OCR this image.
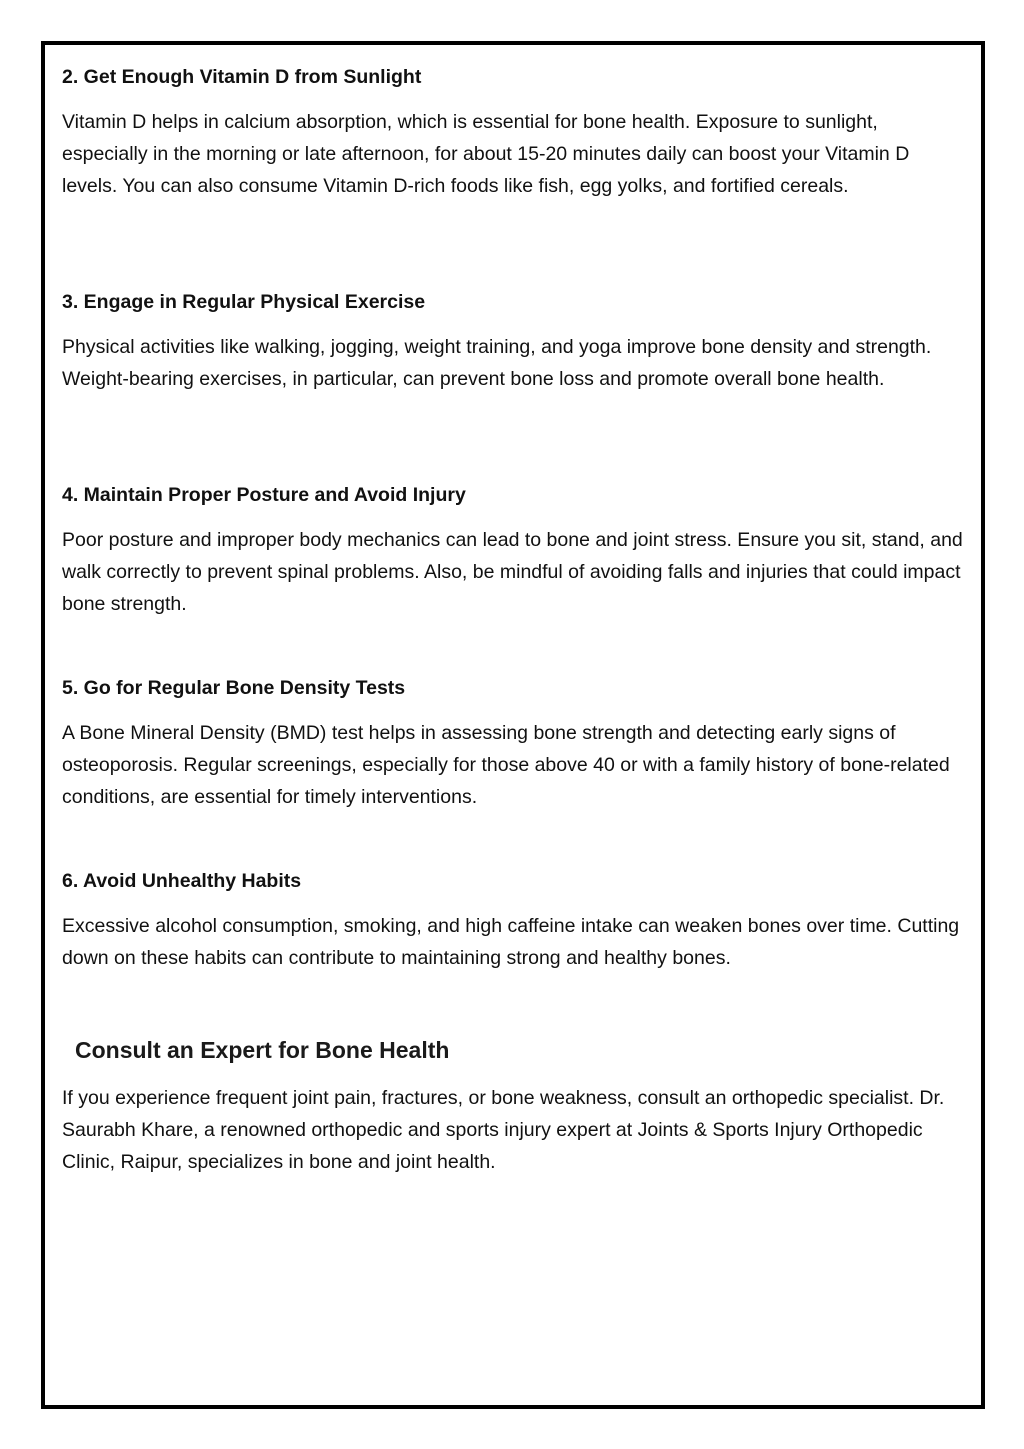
2. Get Enough Vitamin D from Sunlight

Vitamin D helps in calcium absorption, which is essential for bone health. Exposure to sunlight, especially in the morning or late afternoon, for about 15-20 minutes daily can boost your Vitamin D levels. You can also consume Vitamin D-rich foods like fish, egg yolks, and fortified cereals.

3. Engage in Regular Physical Exercise

Physical activities like walking, jogging, weight training, and yoga improve bone density and strength. Weight-bearing exercises, in particular, can prevent bone loss and promote overall bone health.

4. Maintain Proper Posture and Avoid Injury

Poor posture and improper body mechanics can lead to bone and joint stress. Ensure you sit, stand, and walk correctly to prevent spinal problems. Also, be mindful of avoiding falls and injuries that could impact bone strength.

5. Go for Regular Bone Density Tests

A Bone Mineral Density (BMD) test helps in assessing bone strength and detecting early signs of osteoporosis. Regular screenings, especially for those above 40 or with a family history of bone-related conditions, are essential for timely interventions.

6. Avoid Unhealthy Habits

Excessive alcohol consumption, smoking, and high caffeine intake can weaken bones over time. Cutting down on these habits can contribute to maintaining strong and healthy bones.

Consult an Expert for Bone Health

If you experience frequent joint pain, fractures, or bone weakness, consult an orthopedic specialist. Dr. Saurabh Khare, a renowned orthopedic and sports injury expert at Joints & Sports Injury Orthopedic Clinic, Raipur, specializes in bone and joint health.
